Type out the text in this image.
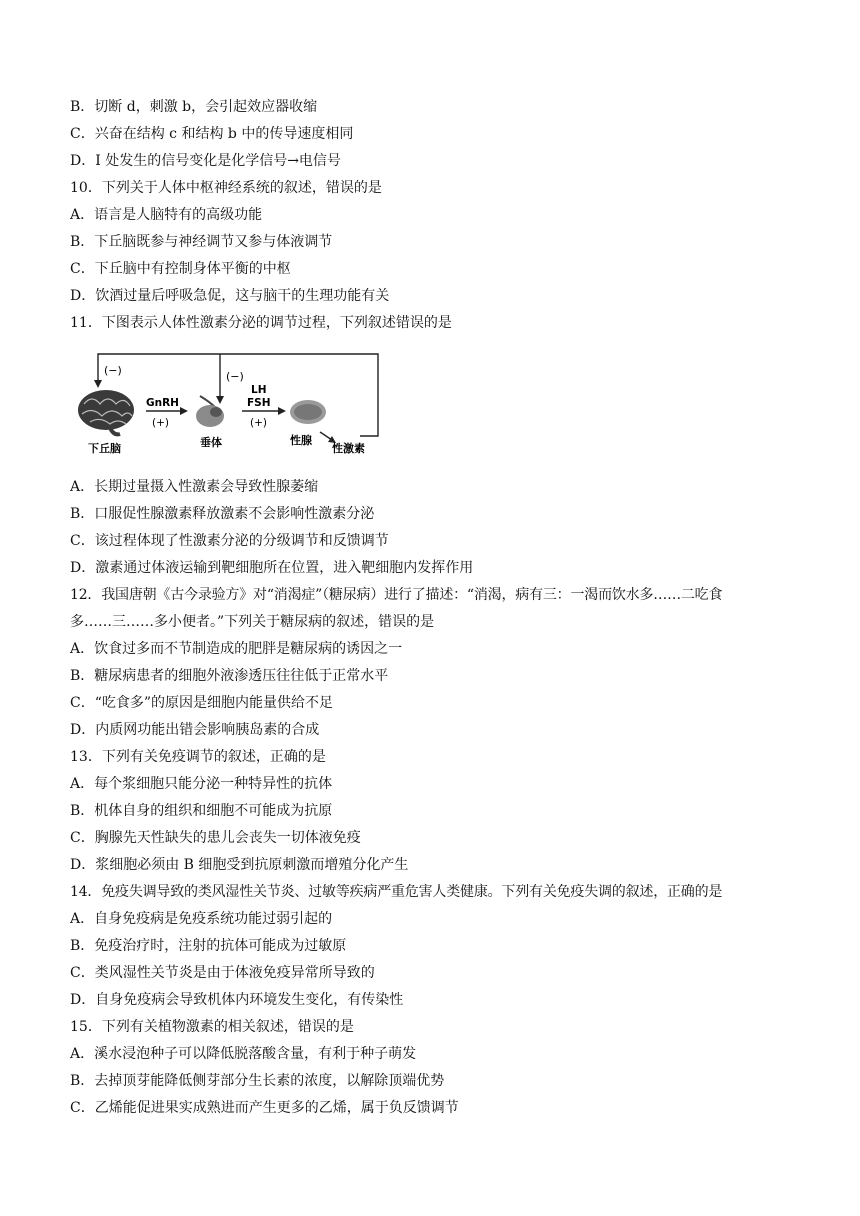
B．切断 d，刺激 b，会引起效应器收缩
C．兴奋在结构 c 和结构 b 中的传导速度相同
D．I 处发生的信号变化是化学信号→电信号
10．下列关于人体中枢神经系统的叙述，错误的是
A．语言是人脑特有的高级功能
B．下丘脑既参与神经调节又参与体液调节
C．下丘脑中有控制身体平衡的中枢
D．饮酒过量后呼吸急促，这与脑干的生理功能有关
11．下图表示人体性激素分泌的调节过程，下列叙述错误的是
(−)	(−)
下丘脑
GnRH
(+)
垂体
LH
FSH
(+)
性腺
性激素
A．长期过量摄入性激素会导致性腺萎缩
B．口服促性腺激素释放激素不会影响性激素分泌
C．该过程体现了性激素分泌的分级调节和反馈调节
D．激素通过体液运输到靶细胞所在位置，进入靶细胞内发挥作用
12．我国唐朝《古今录验方》对“消渴症”（糖尿病）进行了描述：“消渴，病有三：一渴而饮水多……二吃食
多……三……多小便者。”下列关于糖尿病的叙述，错误的是
A．饮食过多而不节制造成的肥胖是糖尿病的诱因之一
B．糖尿病患者的细胞外液渗透压往往低于正常水平
C．“吃食多”的原因是细胞内能量供给不足
D．内质网功能出错会影响胰岛素的合成
13．下列有关免疫调节的叙述，正确的是
A．每个浆细胞只能分泌一种特异性的抗体
B．机体自身的组织和细胞不可能成为抗原
C．胸腺先天性缺失的患儿会丧失一切体液免疫
D．浆细胞必须由 B 细胞受到抗原刺激而增殖分化产生
14．免疫失调导致的类风湿性关节炎、过敏等疾病严重危害人类健康。下列有关免疫失调的叙述，正确的是
A．自身免疫病是免疫系统功能过弱引起的
B．免疫治疗时，注射的抗体可能成为过敏原
C．类风湿性关节炎是由于体液免疫异常所导致的
D．自身免疫病会导致机体内环境发生变化，有传染性
15．下列有关植物激素的相关叙述，错误的是
A．溪水浸泡种子可以降低脱落酸含量，有利于种子萌发
B．去掉顶芽能降低侧芽部分生长素的浓度，以解除顶端优势
C．乙烯能促进果实成熟进而产生更多的乙烯，属于负反馈调节
